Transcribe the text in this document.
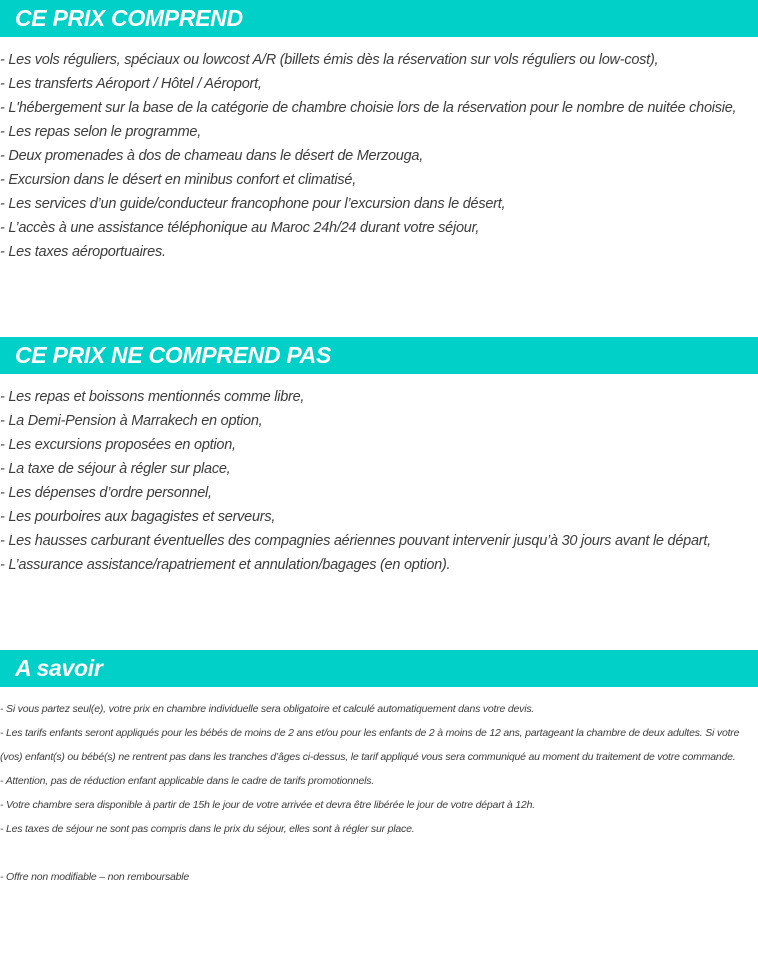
CE PRIX COMPREND
- Les vols réguliers, spéciaux ou lowcost A/R (billets émis dès la réservation sur vols réguliers ou low-cost),
- Les transferts Aéroport / Hôtel / Aéroport,
- L'hébergement sur la base de la catégorie de chambre choisie lors de la réservation pour le nombre de nuitée choisie,
- Les repas selon le programme,
- Deux promenades à dos de chameau dans le désert de Merzouga,
- Excursion dans le désert en minibus confort et climatisé,
- Les services d’un guide/conducteur francophone pour l’excursion dans le désert,
- L’accès à une assistance téléphonique au Maroc 24h/24 durant votre séjour,
- Les taxes aéroportuaires.
CE PRIX NE COMPREND PAS
- Les repas et boissons mentionnés comme libre,
- La Demi-Pension à Marrakech en option,
- Les excursions proposées en option,
- La taxe de séjour à régler sur place,
- Les dépenses d’ordre personnel,
- Les pourboires aux bagagistes et serveurs,
- Les hausses carburant éventuelles des compagnies aériennes pouvant intervenir jusqu’à 30 jours avant le départ,
- L’assurance assistance/rapatriement et annulation/bagages (en option).
A savoir
- Si vous partez seul(e), votre prix en chambre individuelle sera obligatoire et calculé automatiquement dans votre devis.
- Les tarifs enfants seront appliqués pour les bébés de moins de 2 ans et/ou pour les enfants de 2 à moins de 12 ans, partageant la chambre de deux adultes. Si votre (vos) enfant(s) ou bébé(s) ne rentrent pas dans les tranches d’âges ci-dessus, le tarif appliqué vous sera communiqué au moment du traitement de votre commande.
- Attention, pas de réduction enfant applicable dans le cadre de tarifs promotionnels.
- Votre chambre sera disponible à partir de 15h le jour de votre arrivée et devra être libérée le jour de votre départ à 12h.
- Les taxes de séjour ne sont pas compris dans le prix du séjour, elles sont à régler sur place.
- Offre non modifiable – non remboursable
